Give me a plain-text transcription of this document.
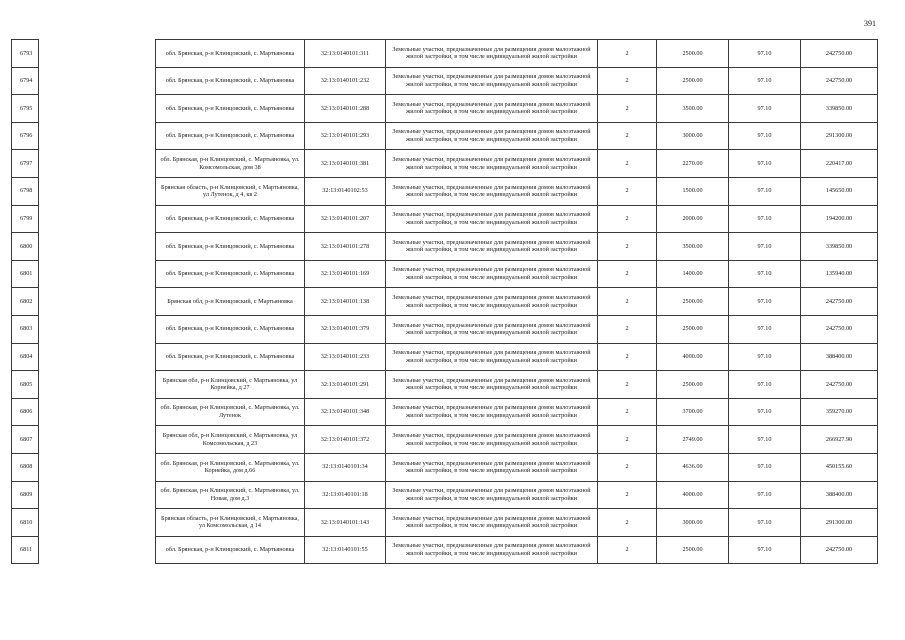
391
6793		обл. Брянская, р-н Клинцовский, с. Мартьяновка	32:13:0140101:311	Земельные участки, предназначенные для размещения домов малоэтажной жилой застройки, в том числе индивидуальной жилой застройки	2	2500.00	97.10	242750.00
6794		обл. Брянская, р-н Клинцовский, с. Мартьяновка	32:13:0140101:232	Земельные участки, предназначенные для размещения домов малоэтажной жилой застройки, в том числе индивидуальной жилой застройки	2	2500.00	97.10	242750.00
6795		обл. Брянская, р-н Клинцовский, с. Мартьяновка	32:13:0140101:288	Земельные участки, предназначенные для размещения домов малоэтажной жилой застройки, в том числе индивидуальной жилой застройки	2	3500.00	97.10	339850.00
6796		обл. Брянская, р-н Клинцовский, с. Мартьяновка	32:13:0140101:293	Земельные участки, предназначенные для размещения домов малоэтажной жилой застройки, в том числе индивидуальной жилой застройки	2	3000.00	97.10	291300.00
6797		обл. Брянская, р-н Клинцовский, с. Мартьяновка, ул. Комсомольская, дом 38	32:13:0140101:381	Земельные участки, предназначенные для размещения домов малоэтажной жилой застройки, в том числе индивидуальной жилой застройки	2	2270.00	97.10	220417.00
6798		Брянская область, р-н Клинцовский, с Мартьяновка, ул Лутенок, д 4, кв 2	32:13:0140102:53	Земельные участки, предназначенные для размещения домов малоэтажной жилой застройки, в том числе индивидуальной жилой застройки	2	1500.00	97.10	145650.00
6799		обл. Брянская, р-н Клинцовский, с. Мартьяновка	32:13:0140101:207	Земельные участки, предназначенные для размещения домов малоэтажной жилой застройки, в том числе индивидуальной жилой застройки	2	2000.00	97.10	194200.00
6800		обл. Брянская, р-н Клинцовский, с. Мартьяновка	32:13:0140101:278	Земельные участки, предназначенные для размещения домов малоэтажной жилой застройки, в том числе индивидуальной жилой застройки	2	3500.00	97.10	339850.00
6801		обл. Брянская, р-н Клинцовский, с. Мартьяновка	32:13:0140101:169	Земельные участки, предназначенные для размещения домов малоэтажной жилой застройки, в том числе индивидуальной жилой застройки	2	1400.00	97.10	135940.00
6802		Брянская обл, р-н Клинцовский, с Мартьяновка	32:13:0140101:138	Земельные участки, предназначенные для размещения домов малоэтажной жилой застройки, в том числе индивидуальной жилой застройки	2	2500.00	97.10	242750.00
6803		обл. Брянская, р-н Клинцовский, с. Мартьяновка	32:13:0140101:379	Земельные участки, предназначенные для размещения домов малоэтажной жилой застройки, в том числе индивидуальной жилой застройки	2	2500.00	97.10	242750.00
6804		обл. Брянская, р-н Клинцовский, с. Мартьяновка	32:13:0140101:233	Земельные участки, предназначенные для размещения домов малоэтажной жилой застройки, в том числе индивидуальной жилой застройки	2	4000.00	97.10	388400.00
6805		Брянская обл, р-н Клинцовский, с Мартьяновка, ул Корнейка, д 27	32:13:0140101:291	Земельные участки, предназначенные для размещения домов малоэтажной жилой застройки, в том числе индивидуальной жилой застройки	2	2500.00	97.10	242750.00
6806		обл. Брянская, р-н Клинцовский, с. Мартьяновка, ул. Лутенок	32:13:0140101:348	Земельные участки, предназначенные для размещения домов малоэтажной жилой застройки, в том числе индивидуальной жилой застройки	2	3700.00	97.10	359270.00
6807		Брянская обл, р-н Клинцовский, с Мартьяновка, ул Комсомольская, д 23	32:13:0140101:372	Земельные участки, предназначенные для размещения домов малоэтажной жилой застройки, в том числе индивидуальной жилой застройки	2	2749.00	97.10	266927.90
6808		обл. Брянская, р-н Клинцовский, с. Мартьяновка, ул. Корнейка, дом д.66	32:13:0140101:34	Земельные участки, предназначенные для размещения домов малоэтажной жилой застройки, в том числе индивидуальной жилой застройки	2	4636.00	97.10	450155.60
6809		обл. Брянская, р-н Клинцовский, с. Мартьяновка, ул. Новая, дом д.3	32:13:0140101:18	Земельные участки, предназначенные для размещения домов малоэтажной жилой застройки, в том числе индивидуальной жилой застройки	2	4000.00	97.10	388400.00
6810		Брянская область, р-н Клинцовский, с Мартьяновка, ул Комсомольская, д 14	32:13:0140101:143	Земельные участки, предназначенные для размещения домов малоэтажной жилой застройки, в том числе индивидуальной жилой застройки	2	3000.00	97.10	291300.00
6811		обл. Брянская, р-н Клинцовский, с. Мартьяновка	32:13:0140101:55	Земельные участки, предназначенные для размещения домов малоэтажной жилой застройки, в том числе индивидуальной жилой застройки	2	2500.00	97.10	242750.00
